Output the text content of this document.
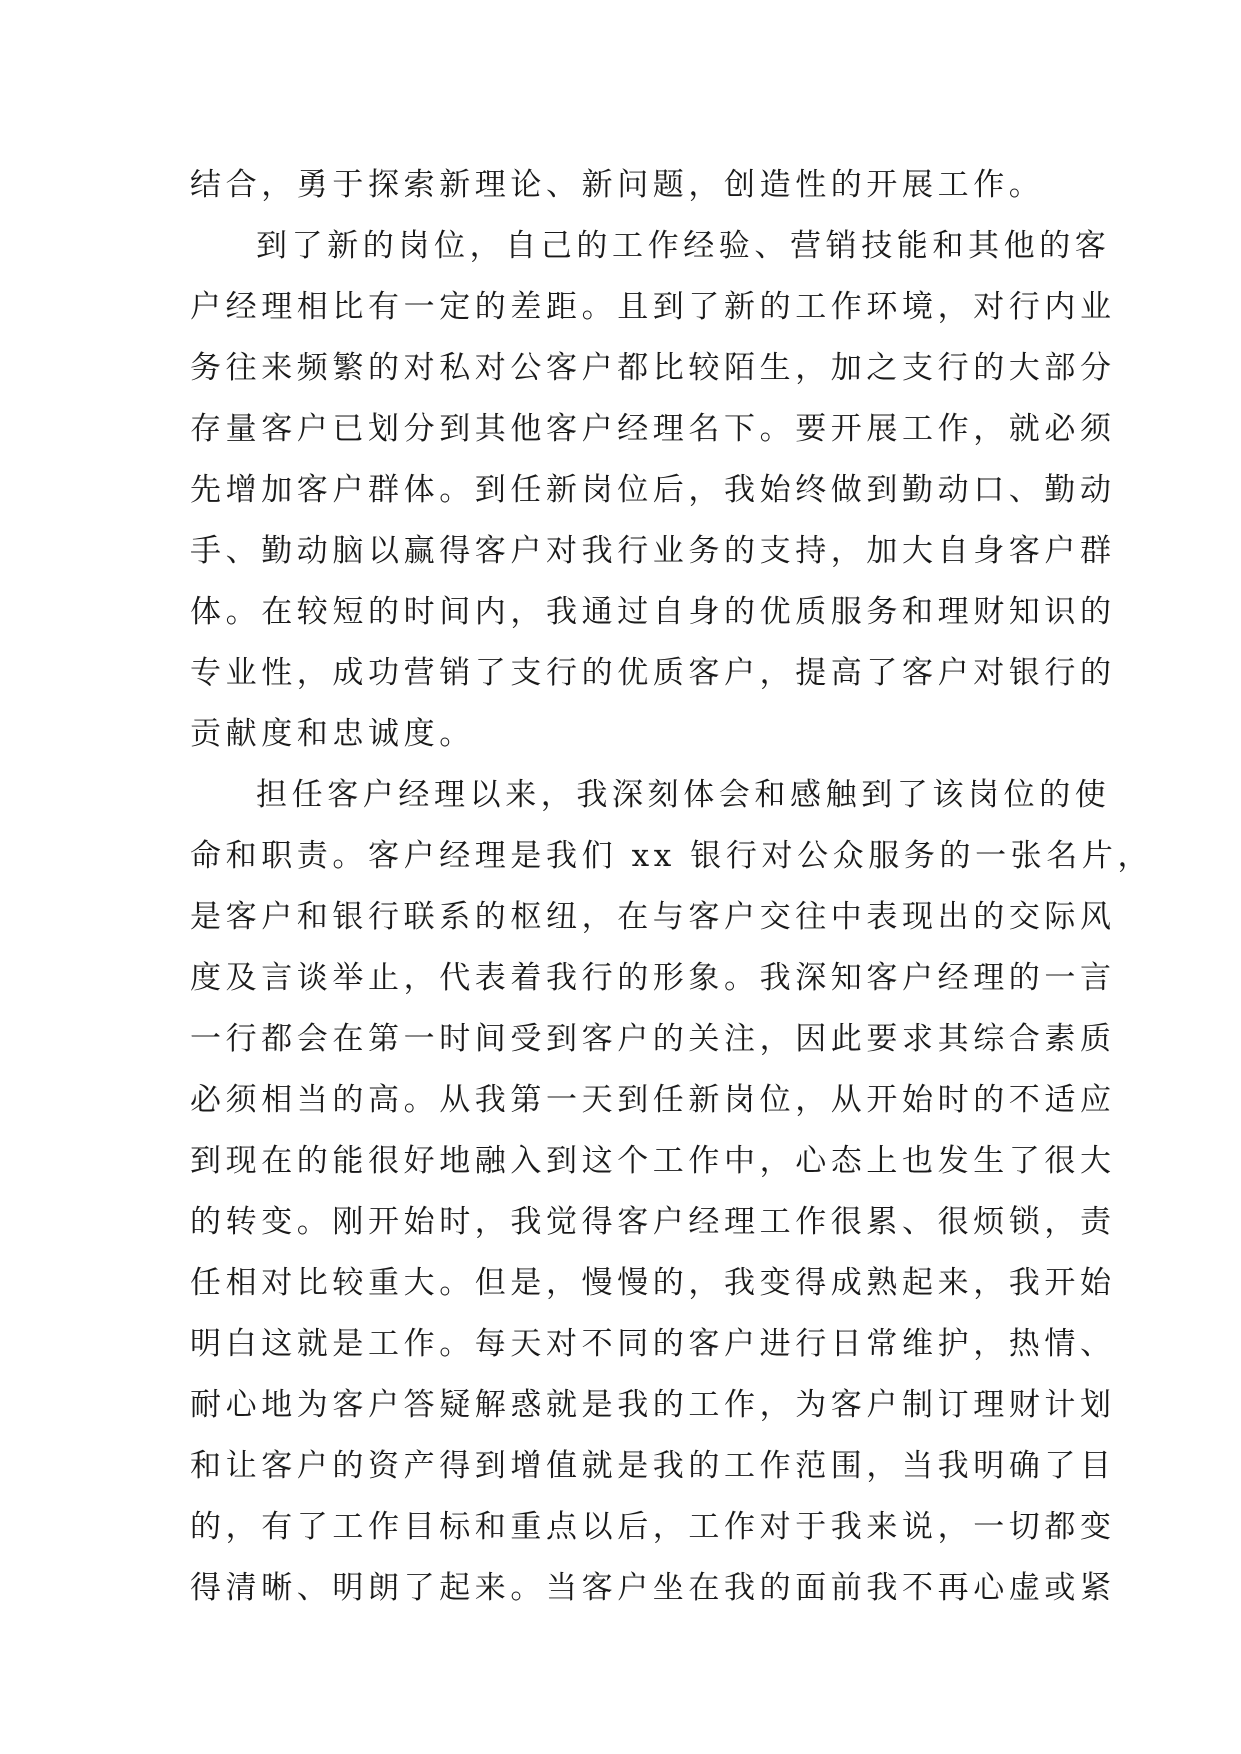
结合，勇于探索新理论、新问题，创造性的开展工作。
到了新的岗位，自己的工作经验、营销技能和其他的客
户经理相比有一定的差距。且到了新的工作环境，对行内业
务往来频繁的对私对公客户都比较陌生，加之支行的大部分
存量客户已划分到其他客户经理名下。要开展工作，就必须
先增加客户群体。到任新岗位后，我始终做到勤动口、勤动
手、勤动脑以赢得客户对我行业务的支持，加大自身客户群
体。在较短的时间内，我通过自身的优质服务和理财知识的
专业性，成功营销了支行的优质客户，提高了客户对银行的
贡献度和忠诚度。
担任客户经理以来，我深刻体会和感触到了该岗位的使
命和职责。客户经理是我们 xx 银行对公众服务的一张名片，
是客户和银行联系的枢纽，在与客户交往中表现出的交际风
度及言谈举止，代表着我行的形象。我深知客户经理的一言
一行都会在第一时间受到客户的关注，因此要求其综合素质
必须相当的高。从我第一天到任新岗位，从开始时的不适应
到现在的能很好地融入到这个工作中，心态上也发生了很大
的转变。刚开始时，我觉得客户经理工作很累、很烦锁，责
任相对比较重大。但是，慢慢的，我变得成熟起来，我开始
明白这就是工作。每天对不同的客户进行日常维护，热情、
耐心地为客户答疑解惑就是我的工作，为客户制订理财计划
和让客户的资产得到增值就是我的工作范围，当我明确了目
的，有了工作目标和重点以后，工作对于我来说，一切都变
得清晰、明朗了起来。当客户坐在我的面前我不再心虚或紧
